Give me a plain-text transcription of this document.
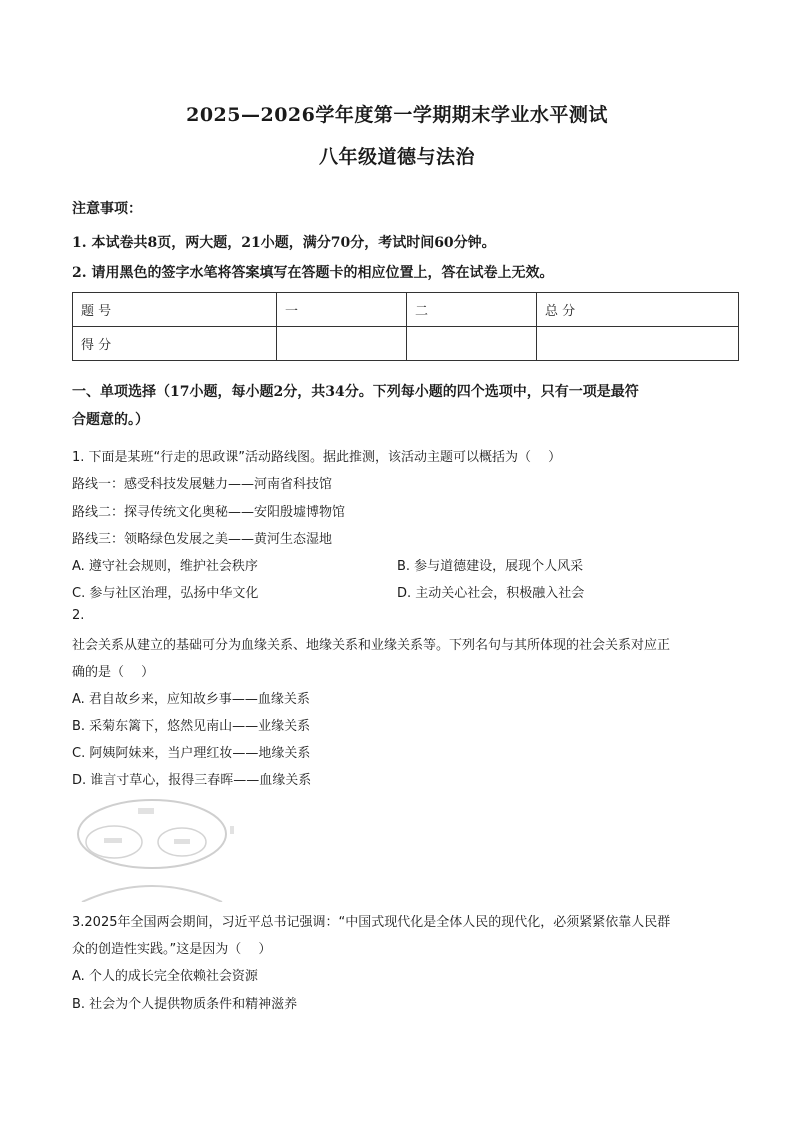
2025—2026学年度第一学期期末学业水平测试
八年级道德与法治
注意事项：
1. 本试卷共8页，两大题，21小题，满分70分，考试时间60分钟。
2. 请用黑色的签字水笔将答案填写在答题卡的相应位置上，答在试卷上无效。
题 号	一	二	总 分
得 分			
一、单项选择（17小题，每小题2分，共34分。下列每小题的四个选项中，只有一项是最符
合题意的。）
1. 下面是某班“行走的思政课”活动路线图。据此推测，该活动主题可以概括为（　 ）
路线一：感受科技发展魅力——河南省科技馆
路线二：探寻传统文化奥秘——安阳殷墟博物馆
路线三：领略绿色发展之美——黄河生态湿地
A. 遵守社会规则，维护社会秩序	B. 参与道德建设，展现个人风采
C. 参与社区治理，弘扬中华文化	D. 主动关心社会，积极融入社会
2.
社会关系从建立的基础可分为血缘关系、地缘关系和业缘关系等。下列名句与其所体现的社会关系对应正
确的是（　 ）
A. 君自故乡来，应知故乡事——血缘关系
B. 采菊东篱下，悠然见南山——业缘关系
C. 阿姨阿妹来，当户理红妆——地缘关系
D. 谁言寸草心，报得三春晖——血缘关系
3.2025年全国两会期间，习近平总书记强调：“中国式现代化是全体人民的现代化，必须紧紧依靠人民群
众的创造性实践。”这是因为（　 ）
A. 个人的成长完全依赖社会资源
B. 社会为个人提供物质条件和精神滋养
